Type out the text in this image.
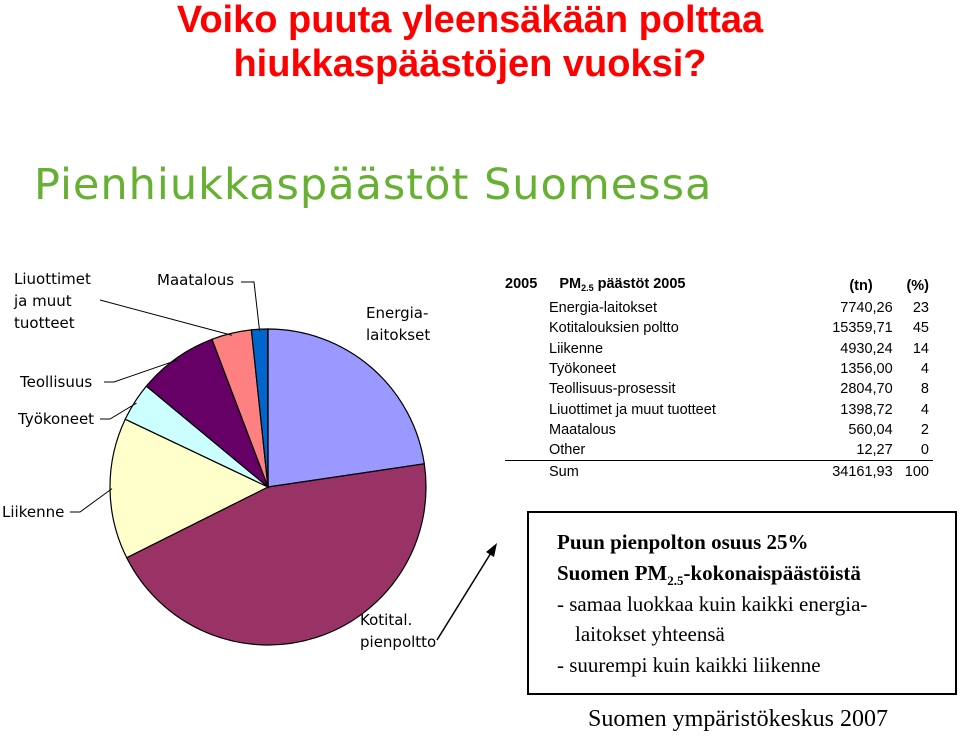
Voiko puuta yleensäkään polttaa
hiukkaspäästöjen vuoksi?
Pienhiukkaspäästöt Suomessa
Energia-laitokset
Kotital. pienpoltto
Liikenne
Työkoneet
Teollisuus
Liuottimet ja muut tuotteet
Maatalous	2005 $PM_{2.5}$ päästöt 2005	(tn)	(%)
Energia-laitokset	7740,26	23
Kotitalouksien poltto	15359,71	45
Liikenne	4930,24	14
Työkoneet	1356,00	4
Teollisuus-prosessit	2804,70	8
Liuottimet ja muut tuotteet	1398,72	4
Maatalous	560,04	2
Other	12,27	0
Sum	34161,93	100
Puun pienpolton osuus 25%
Suomen $PM_{2.5}$-kokonaispäästöistä
- samaa luokkaa kuin kaikki energia-
laitokset yhteensä
- suurempi kuin kaikki liikenne
Suomen ympäristökeskus 2007
